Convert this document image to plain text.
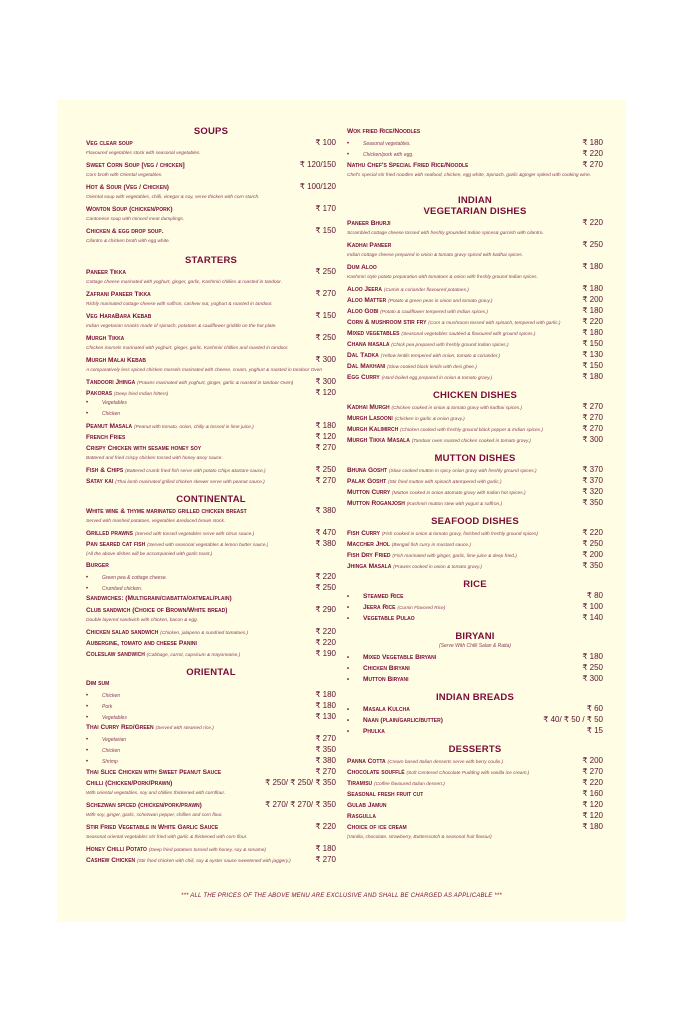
SOUPS
Veg clear soup	₹ 100
Flavoured vegetables stock with seasonal vegetables.
Sweet Corn Soup [veg / chicken]	₹ 120/150
Corn broth with Oriental vegetables.
Hot & Sour (Veg / Chicken)	₹ 100/120
Oriental soup with vegetables, chilli, vinegar & soy, serve thicken with corn starch.
Wonton Soup (chicken/pork)	₹ 170
Cantonese soup with minced meat dumplings.
Chicken & egg drop soup.	₹ 150
Cilantro & chicken broth with egg white.
STARTERS
Paneer Tikka	₹ 250
Cottage cheese marinated with yoghurt, ginger, garlic, Kashmiri chillies & roasted in tandoor.
Zafrani Paneer Tikka	₹ 270
Richly marinated cottage cheese with saffron, cashew nut, yoghurt & roasted in tandoor.
Veg HaraBara Kebab	₹ 150
Indian vegetarian snacks made of spinach, potatoes & cauliflower griddle on the hot plate.
Murgh Tikka	₹ 250
Chicken morsels marinated with yoghurt, ginger, garlic, Kashmiri chillies and roasted in tandoor.
Murgh Malai Kebab	₹ 300
A comparatively less spiced chicken morsels marinated with cheese, cream, yoghurt & roasted in tandoor Oven
Tandoori Jhinga (Prawns marinated with yoghurt, ginger, garlic & roasted in tandoor Oven)	₹ 300
Pakoras (Deep fried Indian fritters)	₹ 120
• Vegetables
• Chicken
Peanut Masala (Peanut with tomato, onion, chilly & tossed in lime juice.)	₹ 180
French Fries	₹ 120
Crispy Chicken with sesame honey soy	₹ 270
Battered and fried crispy chicken tossed with honey &soy sauce.
Fish & Chips (Battered crumb fried fish serve with potato Chips &tartare sauce.)	₹ 250
Satay kai (Thai lamb marinated grilled chicken skewer serve with peanut sauce.)	₹ 270
CONTINENTAL
White wine & thyme marinated grilled chicken breast	₹ 380
Served with mashed potatoes, vegetables &reduced brown stock.
Grilled prawns (Served with tossed vegetables serve with citrus sauce.)	₹ 470
Pan seared cat fish (Served with seasonal vegetables & lemon butter sauce.)	₹ 380
(All the above dishes will be accompanied with garlic toast.)
Burger
• Green pea & cottage cheese.	₹ 220
• Crumbed chicken.	₹ 250
Sandwiches: (Multigrain/ciabatta/oatmeal/plain)
Club sandwich (Choice of Brown/White bread)	₹ 290
Double layered sandwich with chicken, bacon & egg.
Chicken salad sandwich (Chicken, jalapeno & sundried tomatoes.)	₹ 220
Aubergine, tomato and cheese Panini	₹ 220
Coleslaw sandwich (Cabbage, carrot, capsicum & mayonnaise.)	₹ 190
ORIENTAL
Dim sum
• Chicken	₹ 180
• Pork	₹ 180
• Vegetables	₹ 130
Thai Curry Red/Green (Served with steamed rice.)
• Vegetarian	₹ 270
• Chicken	₹ 350
• Shrimp	₹ 380
Thai Slice Chicken with Sweet Peanut Sauce	₹ 270
Chilli (Chicken/Pork/Prawn)	₹ 250/ ₹ 250/ ₹ 350
With oriental vegetables, soy and chillies thickened with cornflour.
Schezwan spiced (chicken/pork/prawn)	₹ 270/ ₹ 270/ ₹ 350
With soy, ginger, garlic, schezwan pepper, chillies and corn flour.
Stir Fried Vegetable in White Garlic Sauce	₹ 220
Seasonal oriental vegetables stir fried with garlic & thickened with corn flour.
Honey Chilli Potato (Deep fried potatoes tossed with honey, soy & sesame)	₹ 180
Cashew Chicken (Stir fried chicken with chili, soy & oyster sauce sweetened with jaggery.)	₹ 270
Wok fried Rice/Noodles
• Seasonal vegetables.	₹ 180
• Chicken/pork with egg.	₹ 220
Nathu Chef's Special Fried Rice/Noodle	₹ 270
Chef's special stir fried noodles with seafood, chicken, egg white, Spinach, garlic &ginger spiked with cooking wine.
INDIAN
VEGETARIAN DISHES
Paneer Bhurji	₹ 220
Scrambled cottage cheese tossed with freshly grounded Indian spices& garnish with cilantro.
Kadhai Paneer	₹ 250
Indian cottage cheese prepared in onion & tomato gravy spiced with kadhai spices.
Dum Aloo	₹ 180
Kashmiri style potato preparation with tomatoes & onion with freshly ground Indian spices.
Aloo Jeera (Cumin & coriander flavoured potatoes.)	₹ 180
Aloo Matter (Potato & green peas in onion and tomato gravy.)	₹ 200
Aloo Gobi (Potato & cauliflower tempered with Indian spices.)	₹ 180
Corn & mushroom stir fry (Corn & mushroom tossed with spinach, tempered with garlic.)	₹ 220
Mixed vegetables (Seasonal vegetables sautéed & flavoured with ground spices.)	₹ 180
Chana masala (Chick pea prepared with freshly ground Indian spices.)	₹ 150
Dal Tadka (Yellow lentils tempered with onion, tomato & coriander.)	₹ 130
Dal Makhani (Slow cooked black lentils with desi ghee.)	₹ 150
Egg Curry (Hard-boiled egg prepared in onion & tomato gravy.)	₹ 180
CHICKEN DISHES
Kadhai Murgh (Chicken cooked in onion & tomato gravy with kadhai spices.)	₹ 270
Murgh Lasooni (Chicken in garlic & onion gravy.)	₹ 270
Murgh Kalimirch (Chicken cooked with freshly ground black pepper & Indian spices.)	₹ 270
Murgh Tikka Masala (Tandoor oven roasted chicken cooked in tomato gravy.)	₹ 300
MUTTON DISHES
Bhuna Gosht (Slow cooked mutton in spicy onion gravy with freshly ground spices.)	₹ 370
Palak Gosht (Stir fried mutton with spinach &tempered with garlic.)	₹ 370
Mutton Curry (Mutton cooked in onion &tomato gravy with Indian hot spices.)	₹ 320
Mutton Roganjosh (Kashmiri mutton stew with yogurt & saffron.)	₹ 350
SEAFOOD DISHES
Fish Curry (Fish cooked in onion & tomato gravy, finished with freshly ground spices)	₹ 220
Maccher Jhol (Bengali fish curry in mustard sauce.)	₹ 250
Fish Dry Fried (Fish marinated with ginger, garlic, lime juice & deep fried.)	₹ 200
Jhinga Masala (Prawns cooked in onion & tomato gravy.)	₹ 350
RICE
• Steamed Rice	₹ 80
• Jeera Rice (Cumin Flavored Rice)	₹ 100
• Vegetable Pulao	₹ 140
BIRYANI
(Serve With Chilli Salan & Raita)
• Mixed Vegetable Biryani	₹ 180
• Chicken Biryani	₹ 250
• Mutton Biryani	₹ 300
INDIAN BREADS
• Masala Kulcha	₹ 60
• Naan (plain/garlic/butter)	₹ 40/ ₹ 50 / ₹ 50
• Phulka	₹ 15
DESSERTS
Panna Cotta (Cream based Italian desserts serve with berry coulis.)	₹ 200
Chocolate soufflé (Soft Centered Chocolate Pudding with vanilla ice cream.)	₹ 270
Tiramisu (Coffee flavoured Italian dessert.)	₹ 220
Seasonal fresh fruit cut	₹ 160
Gulab Jamun	₹ 120
Rasgulla	₹ 120
Choice of ice cream	₹ 180
(Vanilla, chocolate, strawberry, Butterscotch & seasonal fruit flavour)
*** ALL THE PRICES OF THE ABOVE MENU ARE EXCLUSIVE AND SHALL BE CHARGED AS APPLICABLE ***
